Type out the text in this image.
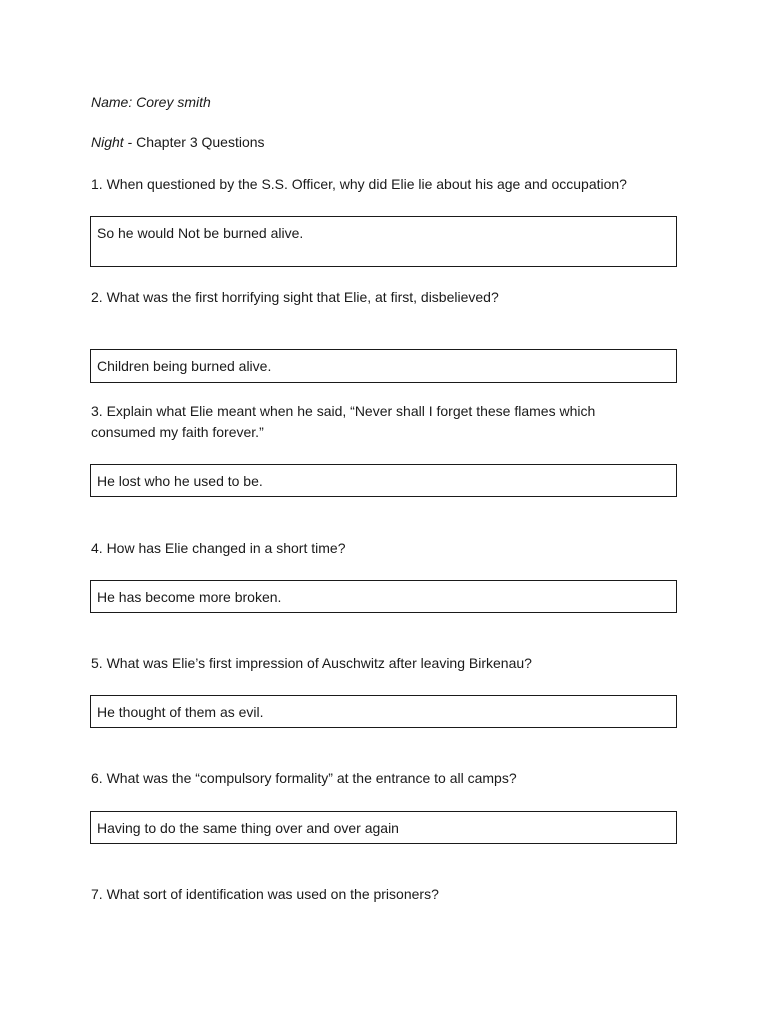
Name: Corey smith
Night - Chapter 3 Questions
1. When questioned by the S.S. Officer, why did Elie lie about his age and occupation?
So he would Not be burned alive.
2. What was the first horrifying sight that Elie, at first, disbelieved?
Children being burned alive.
3. Explain what Elie meant when he said, “Never shall I forget these flames which
consumed my faith forever.”
He lost who he used to be.
4. How has Elie changed in a short time?
He has become more broken.
5. What was Elie’s first impression of Auschwitz after leaving Birkenau?
He thought of them as evil.
6. What was the “compulsory formality” at the entrance to all camps?
Having to do the same thing over and over again
7. What sort of identification was used on the prisoners?
